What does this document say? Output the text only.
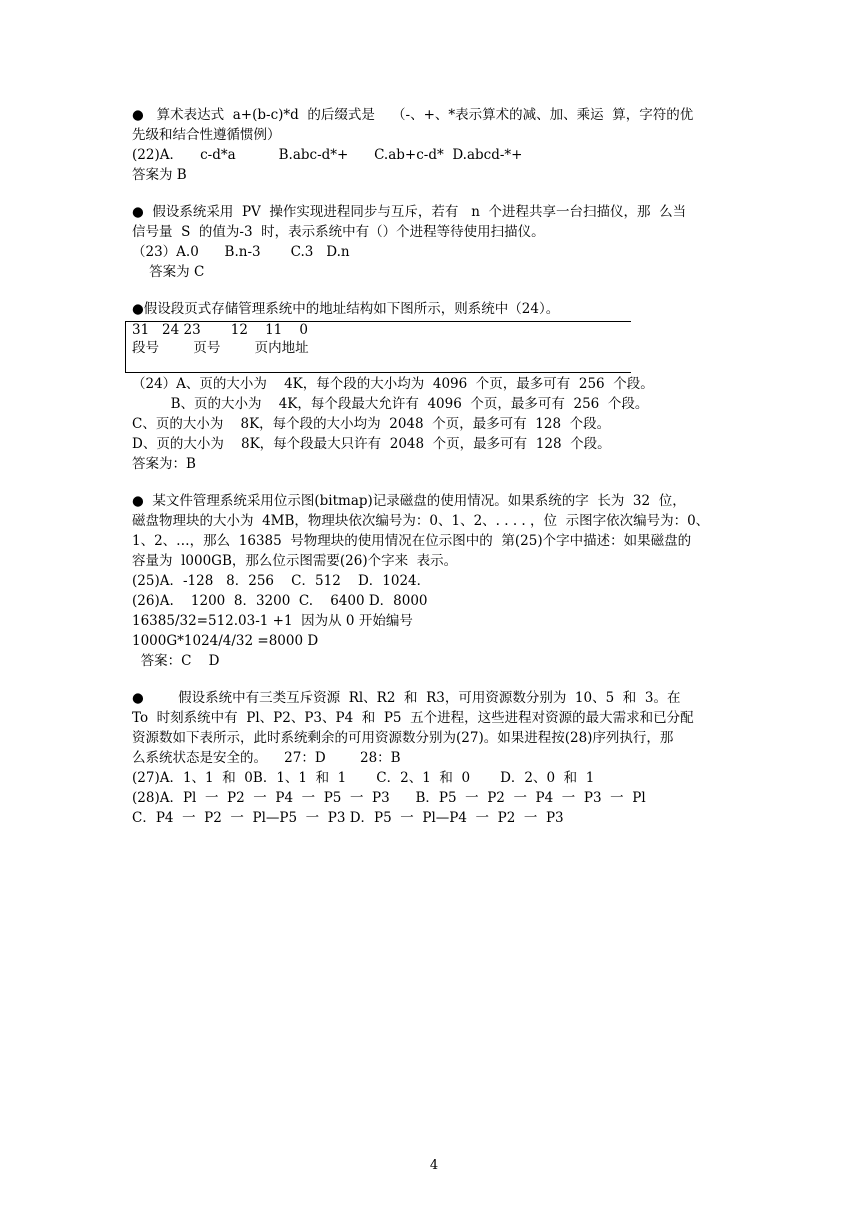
●   算术表达式  a+(b-c)*d  的后缀式是    （-、+、*表示算术的减、加、乘运  算，字符的优
先级和结合性遵循惯例）
(22)A．    c-d*a          B.abc-d*+      C.ab+c-d*  D.abcd-*+
答案为 B
●  假设系统采用  PV  操作实现进程同步与互斥，若有   n  个进程共享一台扫描仪，那  么当
信号量  S  的值为-3  时，表示系统中有（）个进程等待使用扫描仪。
（23）A.0      B.n-3       C.3   D.n
答案为 C
●假设段页式存储管理系统中的地址结构如下图所示，则系统中（24）。
31   24 23       12    11    0
段号        页号        页内地址
（24）A、页的大小为    4K，每个段的大小均为  4096  个页，最多可有  256  个段。
B、页的大小为    4K，每个段最大允许有  4096  个页，最多可有  256  个段。
C、页的大小为    8K，每个段的大小均为  2048  个页，最多可有  128  个段。
D、页的大小为    8K，每个段最大只许有  2048  个页，最多可有  128  个段。
答案为：B
●  某文件管理系统采用位示图(bitmap)记录磁盘的使用情况。如果系统的字  长为  32  位，
磁盘物理块的大小为  4MB，物理块依次编号为：0、1、2、. . . . ，位  示图字依次编号为：0、
1、2、…，那么  16385  号物理块的使用情况在位示图中的  第(25)个字中描述：如果磁盘的
容量为  l000GB，那么位示图需要(26)个字来  表示。
(25)A．-128   8．256    C．512    D．1024．
(26)A.    1200  8．3200  C.    6400 D．8000
16385/32=512.03-1 +1  因为从 0 开始编号
1000G*1024/4/32 =8000 D
答案：C    D
●        假设系统中有三类互斥资源  Rl、R2  和  R3，可用资源数分别为  10、5  和  3。在
To  时刻系统中有  Pl、P2、P3、P4  和  P5  五个进程，这些进程对资源的最大需求和已分配
资源数如下表所示，此时系统剩余的可用资源数分别为(27)。如果进程按(28)序列执行，那
么系统状态是安全的。    27：D        28：B
(27)A．1、1  和  0B．1、1  和  1       C．2、1  和  0       D．2、0  和  1
(28)A．Pl  一  P2  一  P4  一  P5  一  P3      B．P5  一  P2  一  P4  一  P3  一  Pl
C．P4  一  P2  一  Pl—P5  一  P3 D．P5  一  Pl—P4  一  P2  一  P3
4
